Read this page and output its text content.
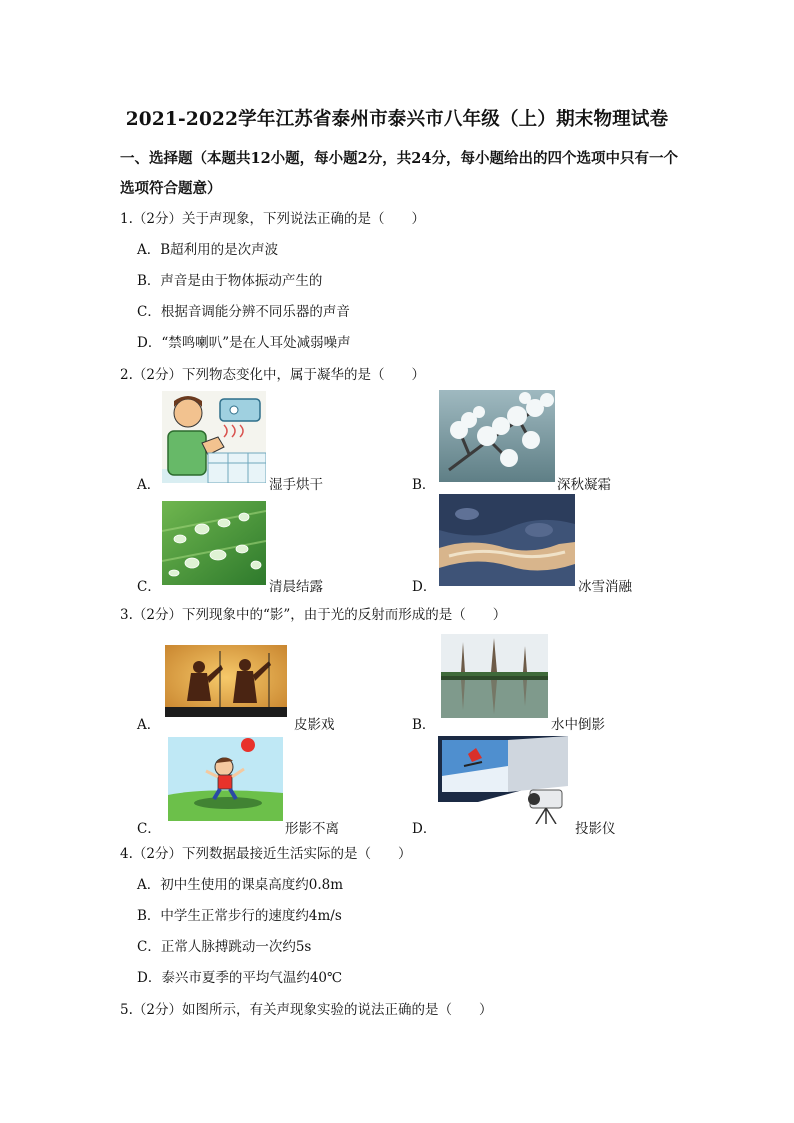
2021-2022学年江苏省泰州市泰兴市八年级（上）期末物理试卷
一、选择题（本题共12小题，每小题2分，共24分，每小题给出的四个选项中只有一个
选项符合题意）
1.（2分）关于声现象，下列说法正确的是（　　）
A．B超利用的是次声波
B．声音是由于物体振动产生的
C．根据音调能分辨不同乐器的声音
D．“禁鸣喇叭”是在人耳处减弱噪声
2.（2分）下列物态变化中，属于凝华的是（　　）
A．	湿手烘干	B．	深秋凝霜
C．	清晨结露	D．	冰雪消融
3.（2分）下列现象中的“影”，由于光的反射而形成的是（　　）
A．	皮影戏	B．	水中倒影
C．	形影不离	D．	投影仪
4.（2分）下列数据最接近生活实际的是（　　）
A．初中生使用的课桌高度约0.8m
B．中学生正常步行的速度约4m/s
C．正常人脉搏跳动一次约5s
D．泰兴市夏季的平均气温约40℃
5.（2分）如图所示，有关声现象实验的说法正确的是（　　）
